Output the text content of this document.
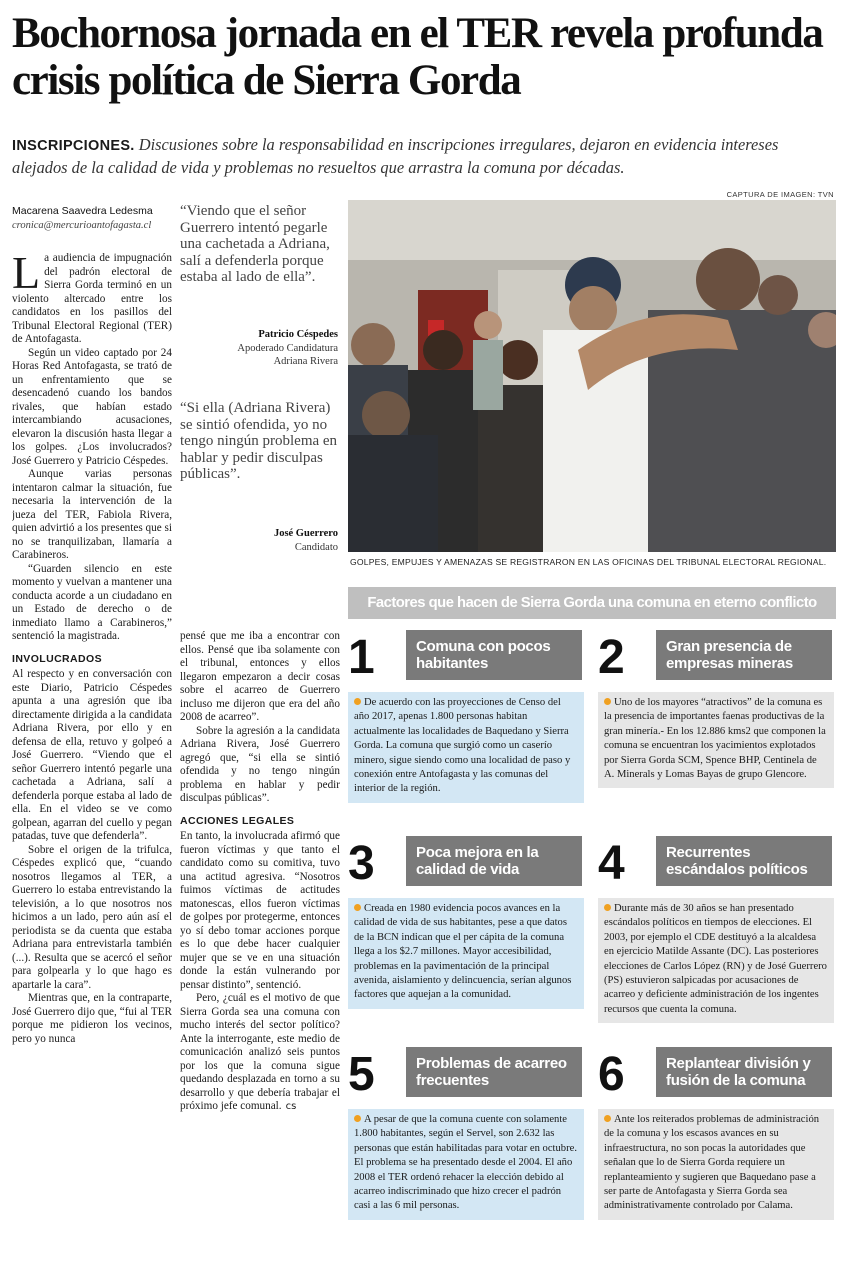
Bochornosa jornada en el TER revela profunda crisis política de Sierra Gorda
INSCRIPCIONES. Discusiones sobre la responsabilidad en inscripciones irregulares, dejaron en evidencia intereses alejados de la calidad de vida y problemas no resueltos que arrastra la comuna por décadas.
Macarena Saavedra Ledesma
cronica@mercurioantofagasta.cl

La audiencia de impugnación del padrón electoral de Sierra Gorda terminó en un violento altercado entre los candidatos en los pasillos del Tribunal Electoral Regional (TER) de Antofagasta.

Según un video captado por 24 Horas Red Antofagasta, se trató de un enfrentamiento que se desencadenó cuando los bandos rivales, que habían estado intercambiando acusaciones, elevaron la discusión hasta llegar a los golpes. ¿Los involucrados? José Guerrero y Patricio Céspedes.

Aunque varias personas intentaron calmar la situación, fue necesaria la intervención de la jueza del TER, Fabiola Rivera, quien advirtió a los presentes que si no se tranquilizaban, llamaría a Carabineros.

“Guarden silencio en este momento y vuelvan a mantener una conducta acorde a un ciudadano en un Estado de derecho o de inmediato llamo a Carabineros,” sentenció la magistrada.

INVOLUCRADOS

Al respecto y en conversación con este Diario, Patricio Céspedes apunta a una agresión que iba directamente dirigida a la candidata Adriana Rivera, por ello y en defensa de ella, retuvo y golpeó a José Guerrero. “Viendo que el señor Guerrero intentó pegarle una cachetada a Adriana, salí a defenderla porque estaba al lado de ella. En el video se ve como golpean, agarran del cuello y pegan patadas, tuve que defenderla”.

Sobre el origen de la trifulca, Céspedes explicó que, “cuando nosotros llegamos al TER, a Guerrero lo estaba entrevistando la televisión, a lo que nosotros nos hicimos a un lado, pero aún así el periodista se da cuenta que estaba Adriana para entrevistarla también (...). Resulta que se acercó el señor para golpearla y lo que hago es apartarle la cara”.

Mientras que, en la contraparte, José Guerrero dijo que, “fui al TER porque me pidieron los vecinos, pero yo nunca

“Viendo que el señor Guerrero intentó pegarle una cachetada a Adriana, salí a defenderla porque estaba al lado de ella”.
Patricio Céspedes
Apoderado Candidatura
Adriana Rivera
“Si ella (Adriana Rivera) se sintió ofendida, yo no tengo ningún problema en hablar y pedir disculpas públicas”.
José Guerrero
Candidato

pensé que me iba a encontrar con ellos. Pensé que iba solamente con el tribunal, entonces y ellos llegaron empezaron a decir cosas sobre el acarreo de Guerrero incluso me dijeron que era del año 2008 de acarreo”.

Sobre la agresión a la candidata Adriana Rivera, José Guerrero agregó que, “si ella se sintió ofendida y no tengo ningún problema en hablar y pedir disculpas públicas”.

ACCIONES LEGALES

En tanto, la involucrada afirmó que fueron víctimas y que tanto el candidato como su comitiva, tuvo una actitud agresiva. “Nosotros fuimos víctimas de actitudes matonescas, ellos fueron víctimas de golpes por protegerme, entonces yo sí debo tomar acciones porque es lo que debe hacer cualquier mujer que se ve en una situación donde la están vulnerando por pensar distinto”, sentenció.

Pero, ¿cuál es el motivo de que Sierra Gorda sea una comuna con mucho interés del sector político? Ante la interrogante, este medio de comunicación analizó seis puntos por los que la comuna sigue quedando desplazada en torno a su desarrollo y que debería trabajar el próximo jefe comunal. cs

CAPTURA DE IMAGEN: TVN
GOLPES, EMPUJES Y AMENAZAS SE REGISTRARON EN LAS OFICINAS DEL TRIBUNAL ELECTORAL REGIONAL.
Factores que hacen de Sierra Gorda una comuna en eterno conflicto
1	Comuna con pocos habitantes
De acuerdo con las proyecciones de Censo del año 2017, apenas 1.800 personas habitan actualmente las localidades de Baquedano y Sierra Gorda. La comuna que surgió como un caserío minero, sigue siendo como una localidad de paso y conexión entre Antofagasta y las comunas del interior de la región.
2	Gran presencia de empresas mineras
Uno de los mayores “atractivos” de la comuna es la presencia de importantes faenas productivas de la gran minería.- En los 12.886 kms2 que componen la comuna se encuentran los yacimientos explotados por Sierra Gorda SCM, Spence BHP, Centinela de A. Minerals y Lomas Bayas de grupo Glencore.
3	Poca mejora en la calidad de vida
Creada en 1980 evidencia pocos avances en la calidad de vida de sus habitantes, pese a que datos de la BCN indican que el per cápita de la comuna llega a los $2.7 millones. Mayor accesibilidad, problemas en la pavimentación de la principal avenida, aislamiento y delincuencia, serían algunos factores que aquejan a la comunidad.
4	Recurrentes escándalos políticos
Durante más de 30 años se han presentado escándalos políticos en tiempos de elecciones. El 2003, por ejemplo el CDE destituyó a la alcaldesa en ejercicio Matilde Assante (DC). Las posteriores elecciones de Carlos López (RN) y de José Guerrero (PS) estuvieron salpicadas por acusaciones de acarreo y deficiente administración de los ingentes recursos que cuenta la comuna.
5	Problemas de acarreo frecuentes
A pesar de que la comuna cuente con solamente 1.800 habitantes, según el Servel, son 2.632 las personas que están habilitadas para votar en octubre. El problema se ha presentado desde el 2004. El año 2008 el TER ordenó rehacer la elección debido al acarreo indiscriminado que hizo crecer el padrón casi a las 6 mil personas.
6	Replantear división y fusión de la comuna
Ante los reiterados problemas de administración de la comuna y los escasos avances en su infraestructura, no son pocas la autoridades que señalan que lo de Sierra Gorda requiere un replanteamiento y sugieren que Baquedano pase a ser parte de Antofagasta y Sierra Gorda sea administrativamente controlado por Calama.
